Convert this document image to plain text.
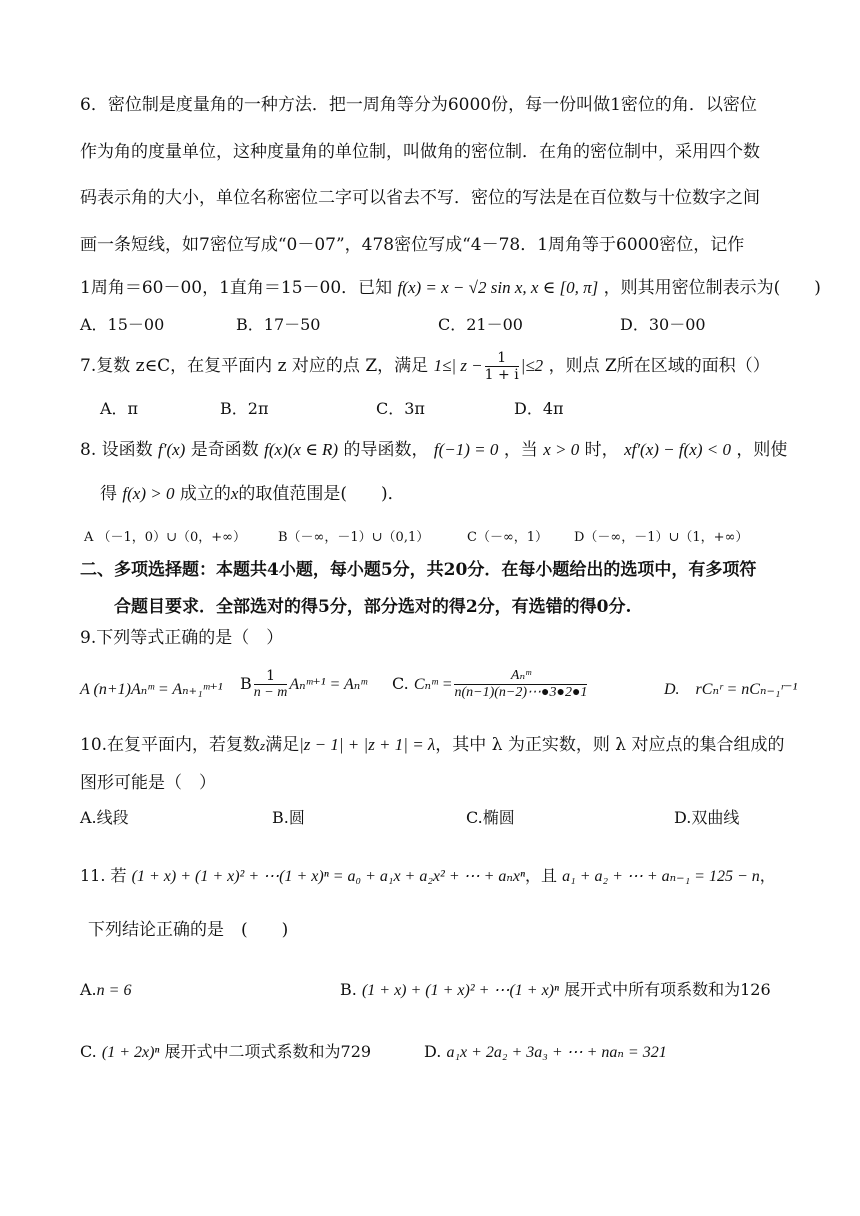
6．密位制是度量角的一种方法．把一周角等分为6000份，每一份叫做1密位的角．以密位
作为角的度量单位，这种度量角的单位制，叫做角的密位制．在角的密位制中，采用四个数
码表示角的大小，单位名称密位二字可以省去不写．密位的写法是在百位数与十位数字之间
画一条短线，如7密位写成“0－07”，478密位写成“4－78．1周角等于6000密位，记作
1周角＝60－00，1直角＝15－00．已知 f(x) = x − √2 sin x, x ∈ [0, π] ，则其用密位制表示为(　　)
A．15－00	B．17－50	C．21－00	D．30－00
7.复数 z∈C，在复平面内 z 对应的点 Z，满足 1≤| $z - \frac{1}{1 + i} |\le 2$ ，则点 Z所在区域的面积（）
A．π	B．2π	C．3π	D．4π
8. 设函数 f′(x) 是奇函数 f(x)(x ∈ R) 的导函数， f(−1) = 0 ，当 x > 0 时， xf′(x) − f(x) < 0 ，则使
得 f(x) > 0 成立的x的取值范围是(　　)．
A （－1，0）∪（0，+∞） B（－∞，－1）∪（0,1）	C（－∞，1） D（－∞，－1）∪（1，+∞）
二、多项选择题：本题共4小题，每小题5分，共20分．在每小题给出的选项中，有多项符
合题目要求．全部选对的得5分，部分选对的得2分，有选错的得0分.
9.下列等式正确的是（　）
A (n+1)Aₙᵐ = Aₙ₊₁ᵐ⁺¹ B $\frac{1}{n - m}$ Aₙᵐ⁺¹ = Aₙᵐ C. Cₙᵐ = $\frac{\text{Aₙᵐ}}{n(n-1)(n-2)\cdots●3●2●1}$	D.　rCₙʳ = nCₙ₋₁ʳ⁻¹
10.在复平面内，若复数z满足|z − 1| + |z + 1| = λ，其中 λ 为正实数，则 λ 对应点的集合组成的
图形可能是（　）
A.线段	B.圆	C.椭圆	D.双曲线
11. 若 (1 + x) + (1 + x)² + ⋯(1 + x)ⁿ = a₀ + a₁x + a₂x² + ⋯ + aₙxⁿ，且 a₁ + a₂ + ⋯ + aₙ₋₁ = 125 − n，
下列结论正确的是　(　　)
A.n = 6	B. (1 + x) + (1 + x)² + ⋯(1 + x)ⁿ 展开式中所有项系数和为126
C. (1 + 2x)ⁿ 展开式中二项式系数和为729	D. a₁x + 2a₂ + 3a₃ + ⋯ + naₙ = 321
